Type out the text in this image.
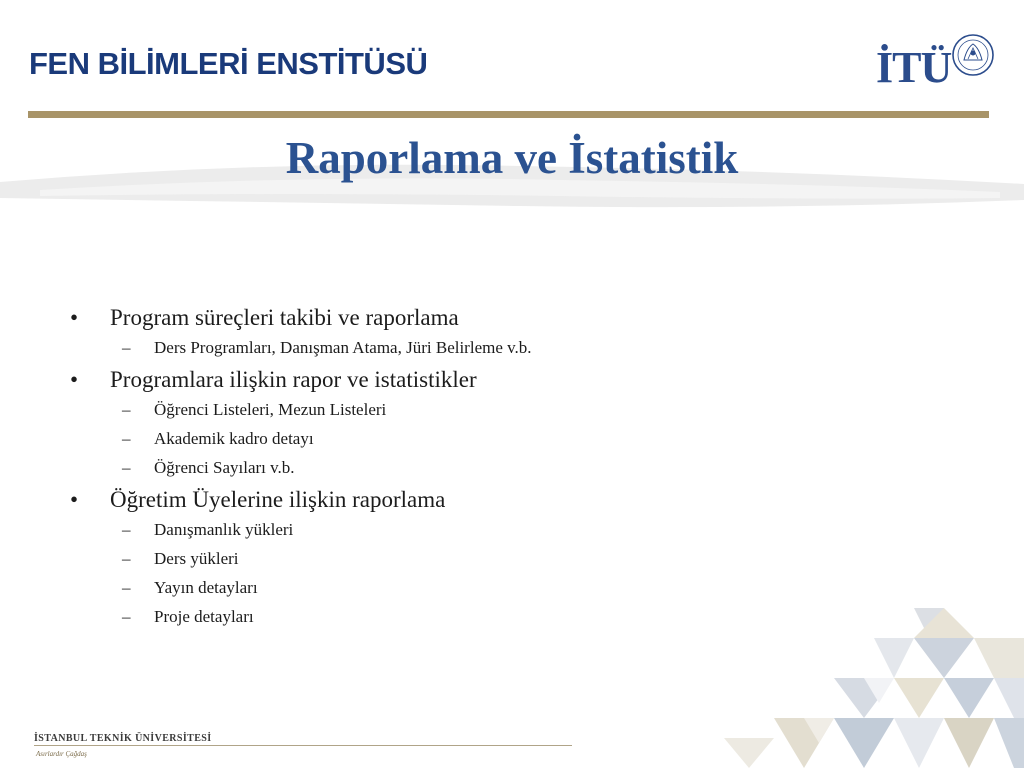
FEN BİLİMLERİ ENSTİTÜSÜ	İTÜ
Raporlama ve İstatistik
• Program süreçleri takibi ve raporlama
– Ders Programları, Danışman Atama, Jüri Belirleme v.b.
• Programlara ilişkin rapor ve istatistikler
– Öğrenci Listeleri, Mezun Listeleri
– Akademik kadro detayı
– Öğrenci Sayıları v.b.
• Öğretim Üyelerine ilişkin raporlama
– Danışmanlık yükleri
– Ders yükleri
– Yayın detayları
– Proje detayları
İSTANBUL TEKNİK ÜNİVERSİTESİ
Asırlardır Çağdaş
